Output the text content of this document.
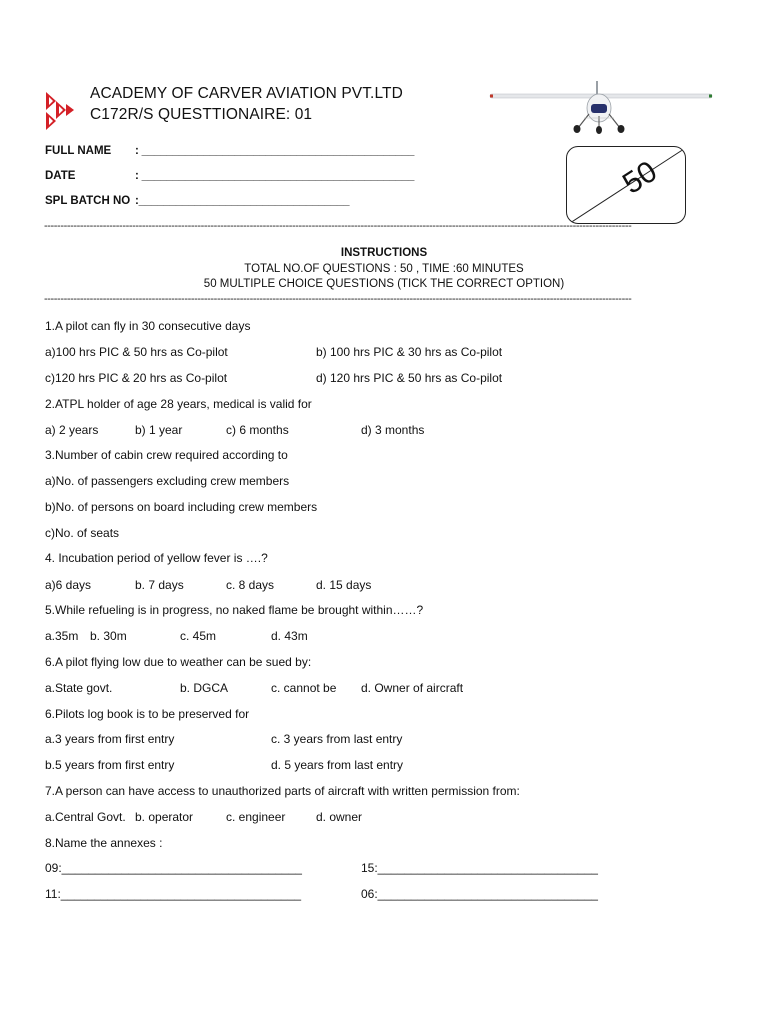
ACADEMY OF CARVER AVIATION PVT.LTD
C172R/S QUESTTIONAIRE: 01
FULL NAME : ____________________________________________
DATE	: ____________________________________________
SPL BATCH NO :__________________________________
50
------------------------------------------------------------------------------------------------------------------------------------------------------------------------------------
INSTRUCTIONS
TOTAL NO.OF QUESTIONS : 50 , TIME :60 MINUTES
50 MULTIPLE CHOICE QUESTIONS (TICK THE CORRECT OPTION)
------------------------------------------------------------------------------------------------------------------------------------------------------------------------------------
1.A pilot can fly in 30 consecutive days
a)100 hrs PIC & 50 hrs as Co-pilot	b) 100 hrs PIC & 30 hrs as Co-pilot
c)120 hrs PIC & 20 hrs as Co-pilot	d) 120 hrs PIC & 50 hrs as Co-pilot
2.ATPL holder of age 28 years, medical is valid for
a) 2 years	b) 1 year	c) 6 months	d) 3 months
3.Number of cabin crew required according to
a)No. of passengers excluding crew members
b)No. of persons on board including crew members
c)No. of seats
4. Incubation period of yellow fever is ….?
a)6 days	b. 7 days	c. 8 days	d. 15 days
5.While refueling is in progress, no naked flame be brought within……?
a.35m b. 30m	c. 45m	d. 43m
6.A pilot flying low due to weather can be sued by:
a.State govt.	b. DGCA	c. cannot be d. Owner of aircraft
6.Pilots log book is to be preserved for
a.3 years from first entry	c. 3 years from last entry
b.5 years from first entry	d. 5 years from last entry
7.A person can have access to unauthorized parts of aircraft with written permission from:
a.Central Govt. b. operator	c. engineer	d. owner
8.Name the annexes :
09:____________________________________	15:_________________________________
11:____________________________________	06:_________________________________
